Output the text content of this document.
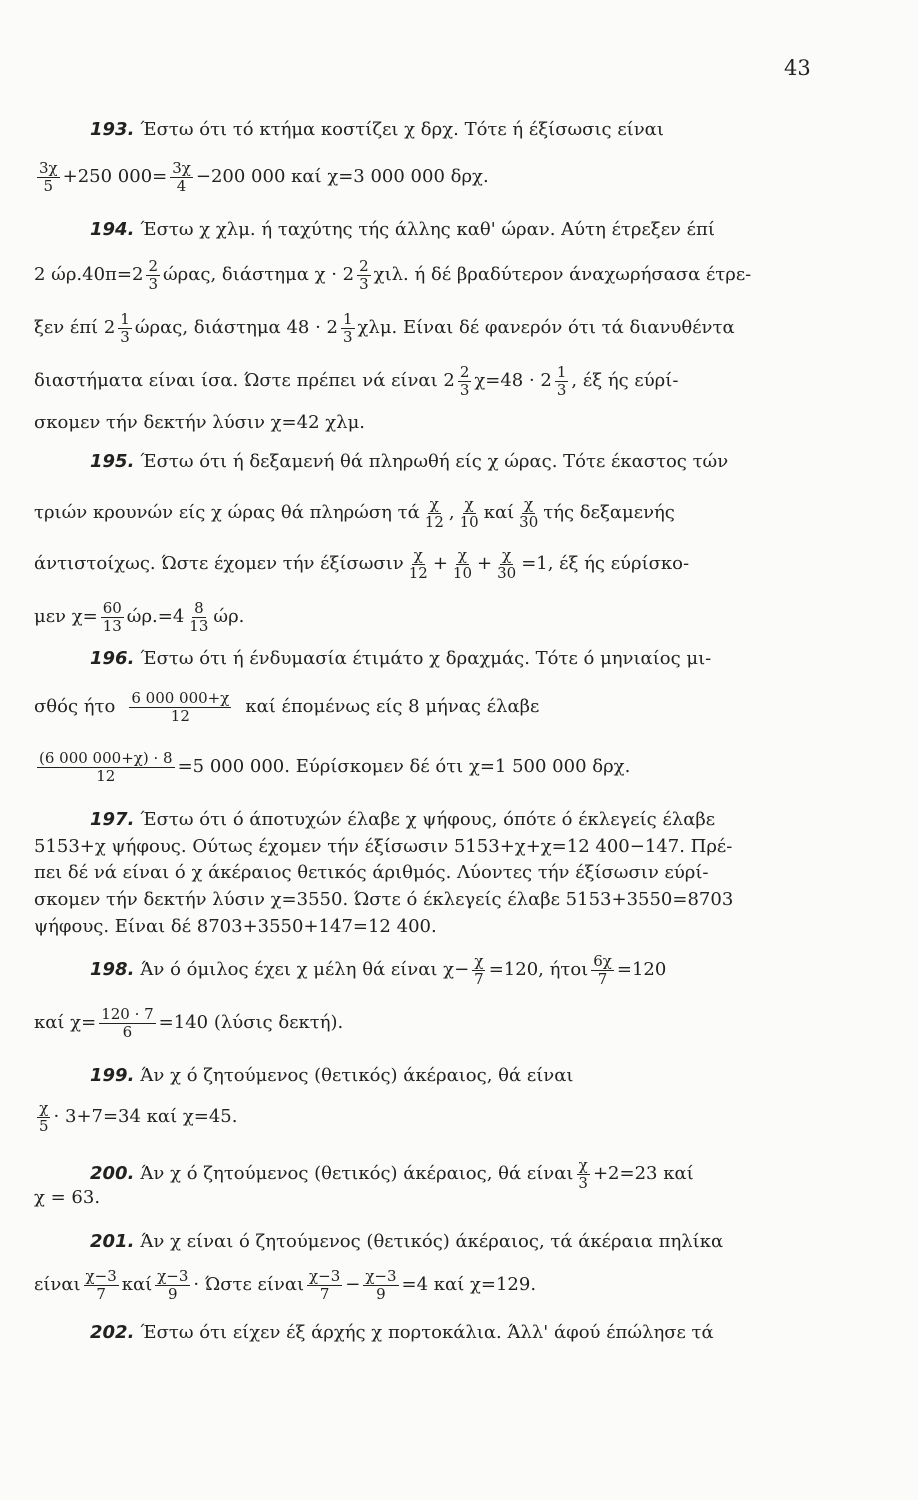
43
193. Έστω ότι τό κτήμα κοστίζει χ δρχ. Τότε ή έξίσωσις είναι
$\frac{3\chi}{5} +250$ $000= \frac{3\chi}{4} -200$ 000 καί χ=3 000 000 δρχ.
194. Έστω χ χλμ. ή ταχύτης τής άλλης καθ' ώραν. Αύτη έτρεξεν έπί
2 $ώ\rho.40\pi=2 \frac{2}{3} ώ\rho\alpha\varsigma$, διάστημα $\chi \cdot 2 \frac{2}{3} \chi\iota\lambda$. ή δέ βραδύτερον άναχωρήσασα έτρε-
ξεν έπί $2 \frac{1}{3} ώ\rho\alpha\varsigma$, διάστημα $48 \cdot 2 \frac{1}{3} \chi\lambda\mu$. Είναι δέ φανερόν ότι τά διανυθέντα
διαστήματα είναι ίσα. Ώστε πρέπει νά είναι $2 \frac{2}{3} \chi=48 \cdot 2 \frac{1}{3}$ , έξ ής εύρί-
σκομεν τήν δεκτήν λύσιν χ=42 χλμ.
195. Έστω ότι ή δεξαμενή θά πληρωθή είς χ ώρας. Τότε έκαστος τών
τριών κρουνών είς χ ώρας θά πληρώση τά $\frac{\chi}{12}$ , $\frac{\chi}{10}$ καί $\frac{\chi}{30}$ τής δεξαμενής
άντιστοίχως. Ώστε έχομεν τήν έξίσωσιν $\frac{\chi}{12} + \frac{\chi}{10} + \frac{\chi}{30} =1$, έξ ής εύρίσκο-
μεν $\chi= \frac{60}{13} ώ\rho.=4 \frac{8}{13} ώ\rho$.
196. Έστω ότι ή ένδυμασία έτιμάτο χ δραχμάς. Τότε ό μηνιαίος μι-
σθός ήτο $\frac{6 000 000+\chi}{12}$ καί έπομένως είς 8 μήνας έλαβε
$\frac{(6 000 000+\chi) \cdot 8}{12} =5$ 000 000. Εύρίσκομεν δέ ότι χ=1 500 000 δρχ.
197. Έστω ότι ό άποτυχών έλαβε χ ψήφους, όπότε ό έκλεγείς έλαβε
5153+χ ψήφους. Ούτως έχομεν τήν έξίσωσιν 5153+χ+χ=12 400−147. Πρέ-
πει δέ νά είναι ό χ άκέραιος θετικός άριθμός. Λύοντες τήν έξίσωσιν εύρί-
σκομεν τήν δεκτήν λύσιν χ=3550. Ώστε ό έκλεγείς έλαβε 5153+3550=8703
ψήφους. Είναι δέ 8703+3550+147=12 400.
198. Άν ό όμιλος έχει χ μέλη θά είναι $\chi- \frac{\chi}{7} =120$, ήτοι $\frac{6\chi}{7} =120$
καί $\chi= \frac{120 \cdot 7}{6} =140$ (λύσις δεκτή).
199. Άν χ ό ζητούμενος (θετικός) άκέραιος, θά είναι
$\frac{\chi}{5} \cdot 3+7=34$ καί χ=45.
200. Άν χ ό ζητούμενος (θετικός) άκέραιος, θά είναι $\frac{\chi}{3} +2=23$ καί
χ = 63.
201. Άν χ είναι ό ζητούμενος (θετικός) άκέραιος, τά άκέραια πηλίκα
είναι $\frac{\chi-3}{7}$ καί $\frac{\chi-3}{9} \cdot Ώ\sigma\tau\varepsilon$ είναι $\frac{\chi-3}{7} - \frac{\chi-3}{9} =4$ καί χ=129.
202. Έστω ότι είχεν έξ άρχής χ πορτοκάλια. Άλλ' άφού έπώλησε τά
